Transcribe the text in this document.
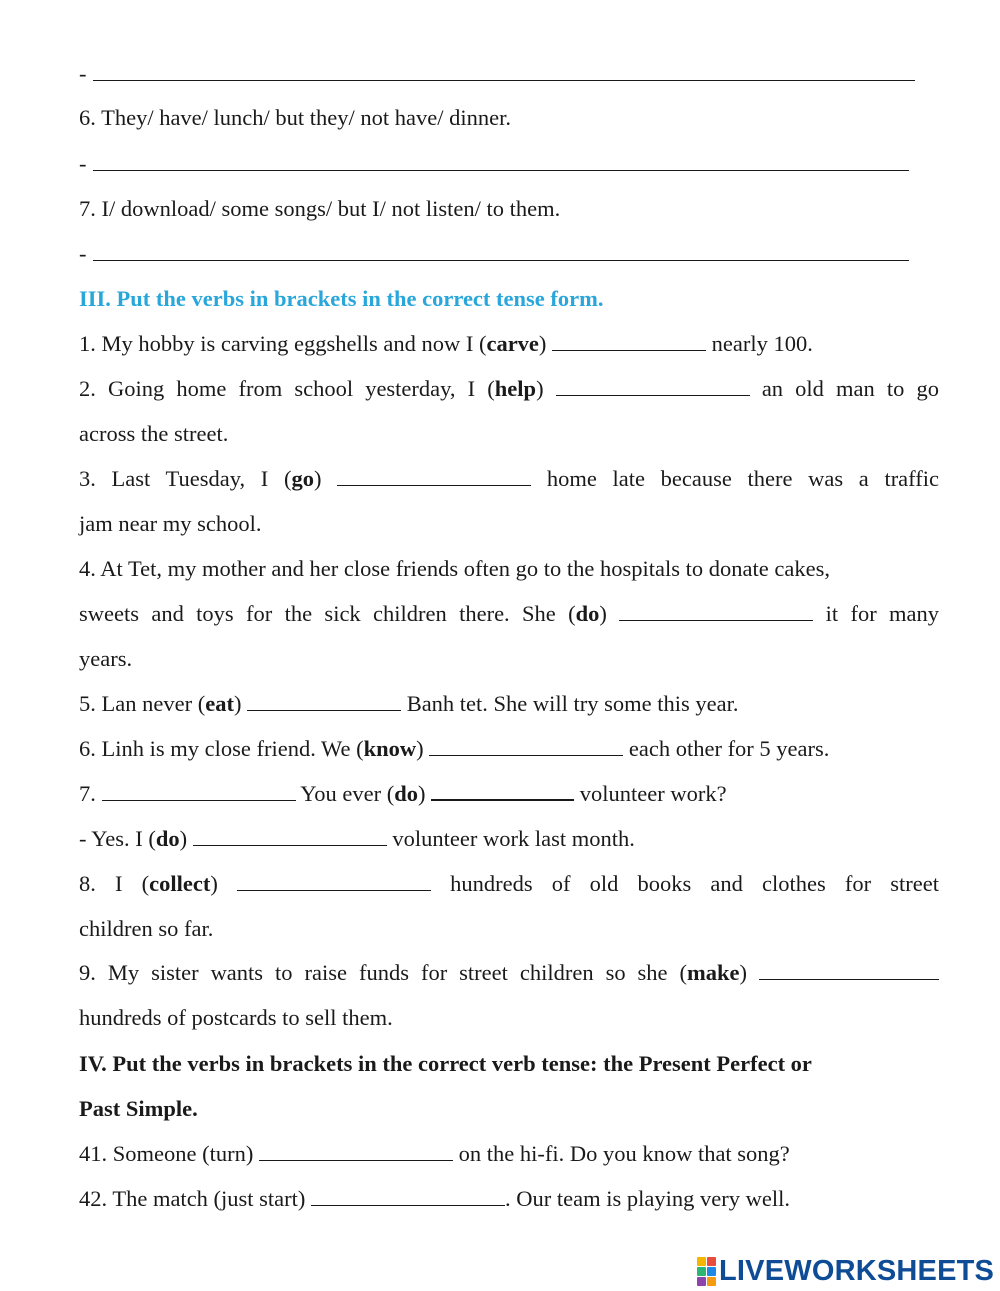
-
6. They/ have/ lunch/ but they/ not have/ dinner.
-
7. I/ download/ some songs/ but I/ not listen/ to them.
-
III. Put the verbs in brackets in the correct tense form.
1. My hobby is carving eggshells and now I (carve)	nearly 100.
2. Going home from school yesterday, I (help)	an old man to go
across the street.
3. Last Tuesday, I (go)	home late because there was a traffic
jam near my school.
4. At Tet, my mother and her close friends often go to the hospitals to donate cakes,
sweets and toys for the sick children there. She (do)	it for many
years.
5. Lan never (eat)	Banh tet. She will try some this year.
6. Linh is my close friend. We (know)	each other for 5 years.
7.	You ever (do)	volunteer work?
- Yes. I (do)	volunteer work last month.
8. I (collect)	hundreds of old books and clothes for street
children so far.
9. My sister wants to raise funds for street children so she (make)
hundreds of postcards to sell them.
IV. Put the verbs in brackets in the correct verb tense: the Present Perfect or
Past Simple.
41. Someone (turn)	on the hi-fi. Do you know that song?
42. The match (just start)	. Our team is playing very well.
LIVEWORKSHEETS
